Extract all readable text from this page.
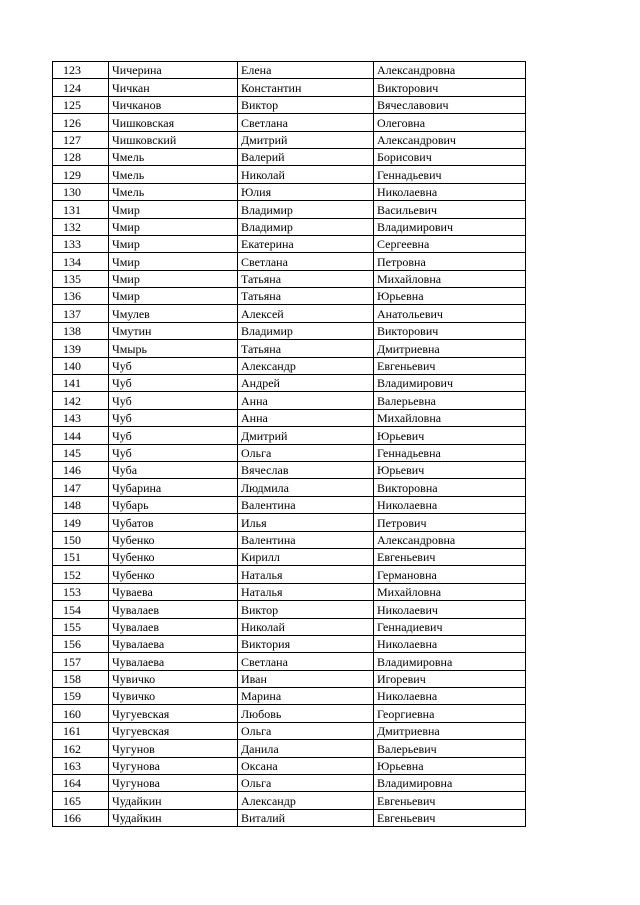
123	Чичерина	Елена	Александровна
124	Чичкан	Константин	Викторович
125	Чичканов	Виктор	Вячеславович
126	Чишковская	Светлана	Олеговна
127	Чишковский	Дмитрий	Александрович
128	Чмель	Валерий	Борисович
129	Чмель	Николай	Геннадьевич
130	Чмель	Юлия	Николаевна
131	Чмир	Владимир	Васильевич
132	Чмир	Владимир	Владимирович
133	Чмир	Екатерина	Сергеевна
134	Чмир	Светлана	Петровна
135	Чмир	Татьяна	Михайловна
136	Чмир	Татьяна	Юрьевна
137	Чмулев	Алексей	Анатольевич
138	Чмутин	Владимир	Викторович
139	Чмырь	Татьяна	Дмитриевна
140	Чуб	Александр	Евгеньевич
141	Чуб	Андрей	Владимирович
142	Чуб	Анна	Валерьевна
143	Чуб	Анна	Михайловна
144	Чуб	Дмитрий	Юрьевич
145	Чуб	Ольга	Геннадьевна
146	Чуба	Вячеслав	Юрьевич
147	Чубарина	Людмила	Викторовна
148	Чубарь	Валентина	Николаевна
149	Чубатов	Илья	Петрович
150	Чубенко	Валентина	Александровна
151	Чубенко	Кирилл	Евгеньевич
152	Чубенко	Наталья	Германовна
153	Чуваева	Наталья	Михайловна
154	Чувалаев	Виктор	Николаевич
155	Чувалаев	Николай	Геннадиевич
156	Чувалаева	Виктория	Николаевна
157	Чувалаева	Светлана	Владимировна
158	Чувичко	Иван	Игоревич
159	Чувичко	Марина	Николаевна
160	Чугуевская	Любовь	Георгиевна
161	Чугуевская	Ольга	Дмитриевна
162	Чугунов	Данила	Валерьевич
163	Чугунова	Оксана	Юрьевна
164	Чугунова	Ольга	Владимировна
165	Чудайкин	Александр	Евгеньевич
166	Чудайкин	Виталий	Евгеньевич
